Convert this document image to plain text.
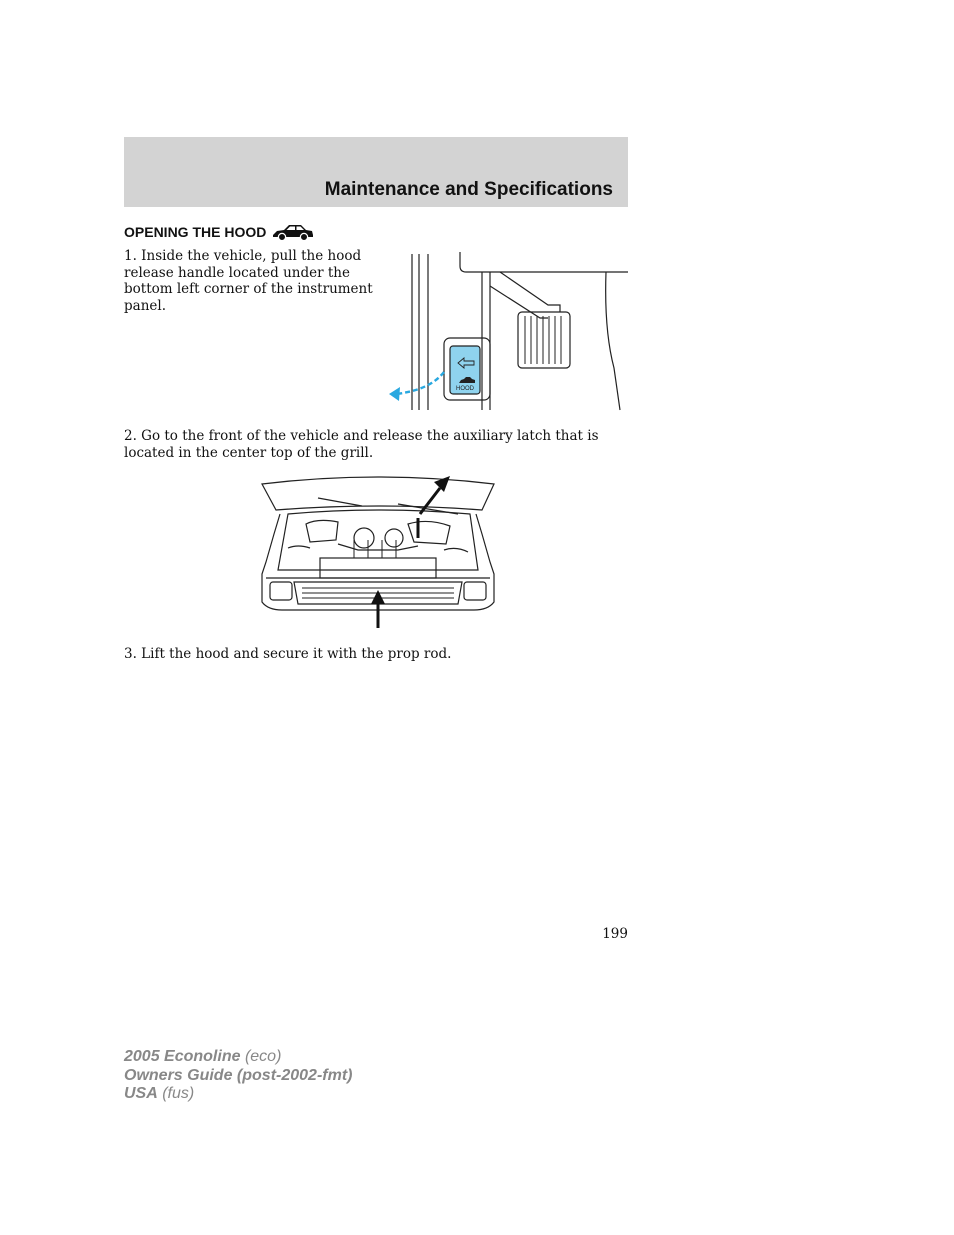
Maintenance and Specifications
OPENING THE HOOD
1. Inside the vehicle, pull the hood release handle located under the bottom left corner of the instrument panel.
HOOD
2. Go to the front of the vehicle and release the auxiliary latch that is located in the center top of the grill.
3. Lift the hood and secure it with the prop rod.
199
2005 Econoline (eco)
Owners Guide (post-2002-fmt)
USA (fus)
